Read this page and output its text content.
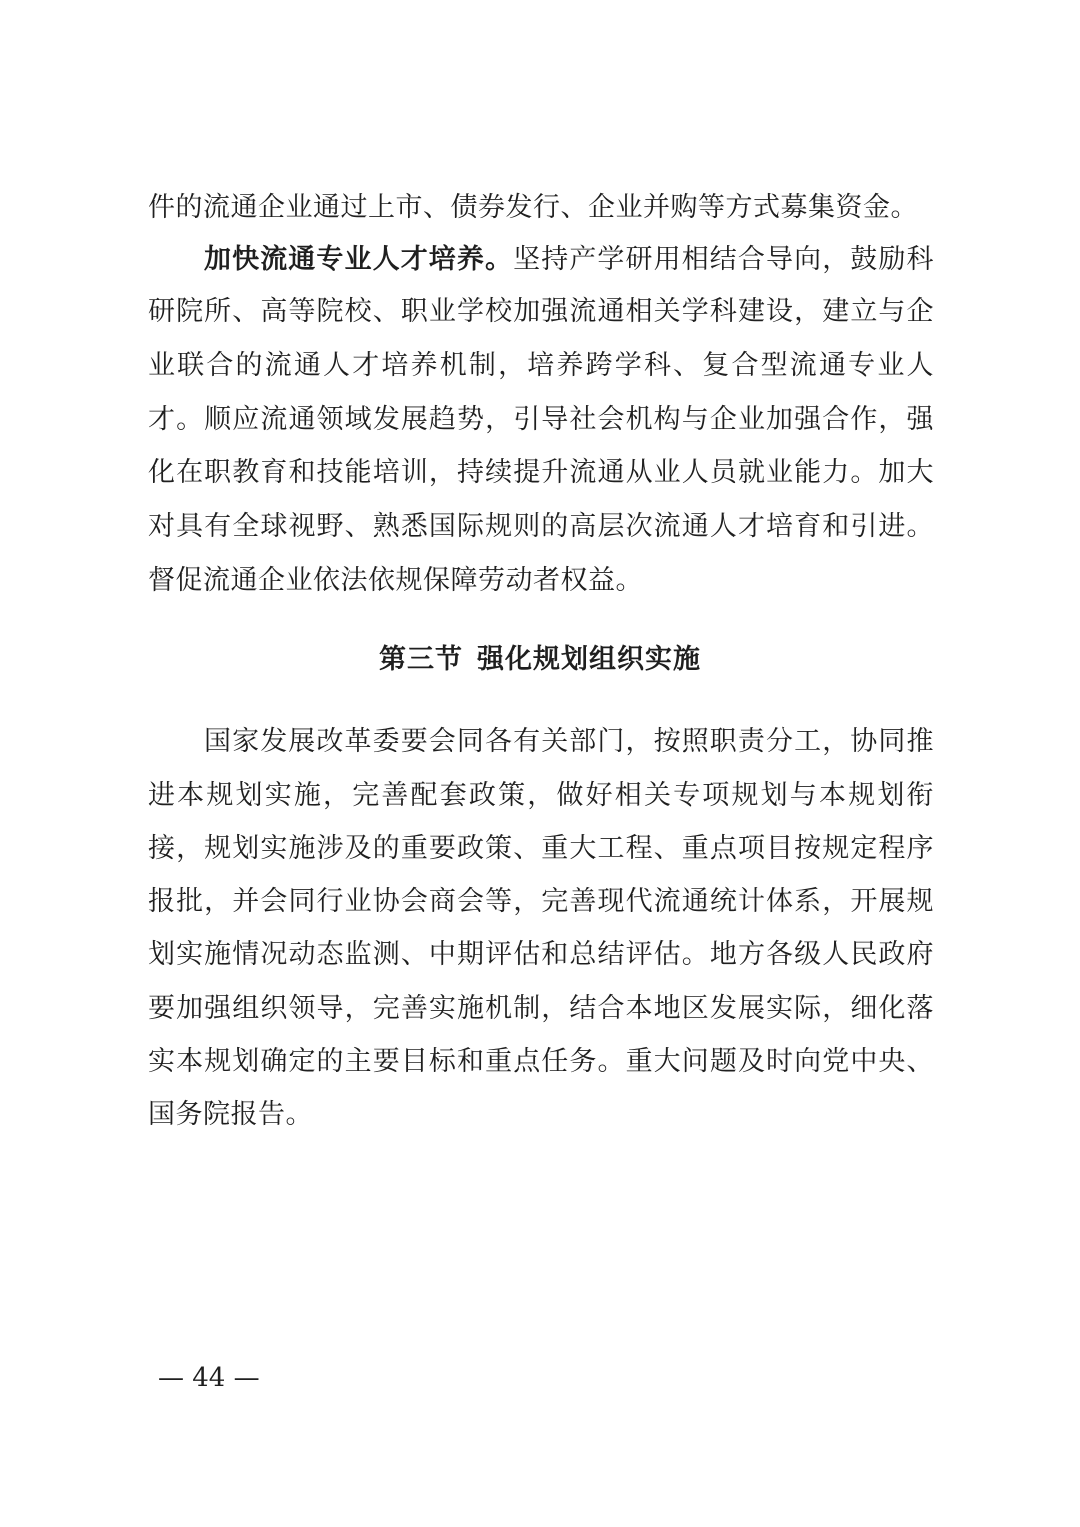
件的流通企业通过上市、债券发行、企业并购等方式募集资金。
加快流通专业人才培养。坚持产学研用相结合导向，鼓励科
研院所、高等院校、职业学校加强流通相关学科建设，建立与企
业联合的流通人才培养机制，培养跨学科、复合型流通专业人
才。顺应流通领域发展趋势，引导社会机构与企业加强合作，强
化在职教育和技能培训，持续提升流通从业人员就业能力。加大
对具有全球视野、熟悉国际规则的高层次流通人才培育和引进。
督促流通企业依法依规保障劳动者权益。
第三节 强化规划组织实施
国家发展改革委要会同各有关部门，按照职责分工，协同推
进本规划实施，完善配套政策，做好相关专项规划与本规划衔
接，规划实施涉及的重要政策、重大工程、重点项目按规定程序
报批，并会同行业协会商会等，完善现代流通统计体系，开展规
划实施情况动态监测、中期评估和总结评估。地方各级人民政府
要加强组织领导，完善实施机制，结合本地区发展实际，细化落
实本规划确定的主要目标和重点任务。重大问题及时向党中央、
国务院报告。
— 44 —
